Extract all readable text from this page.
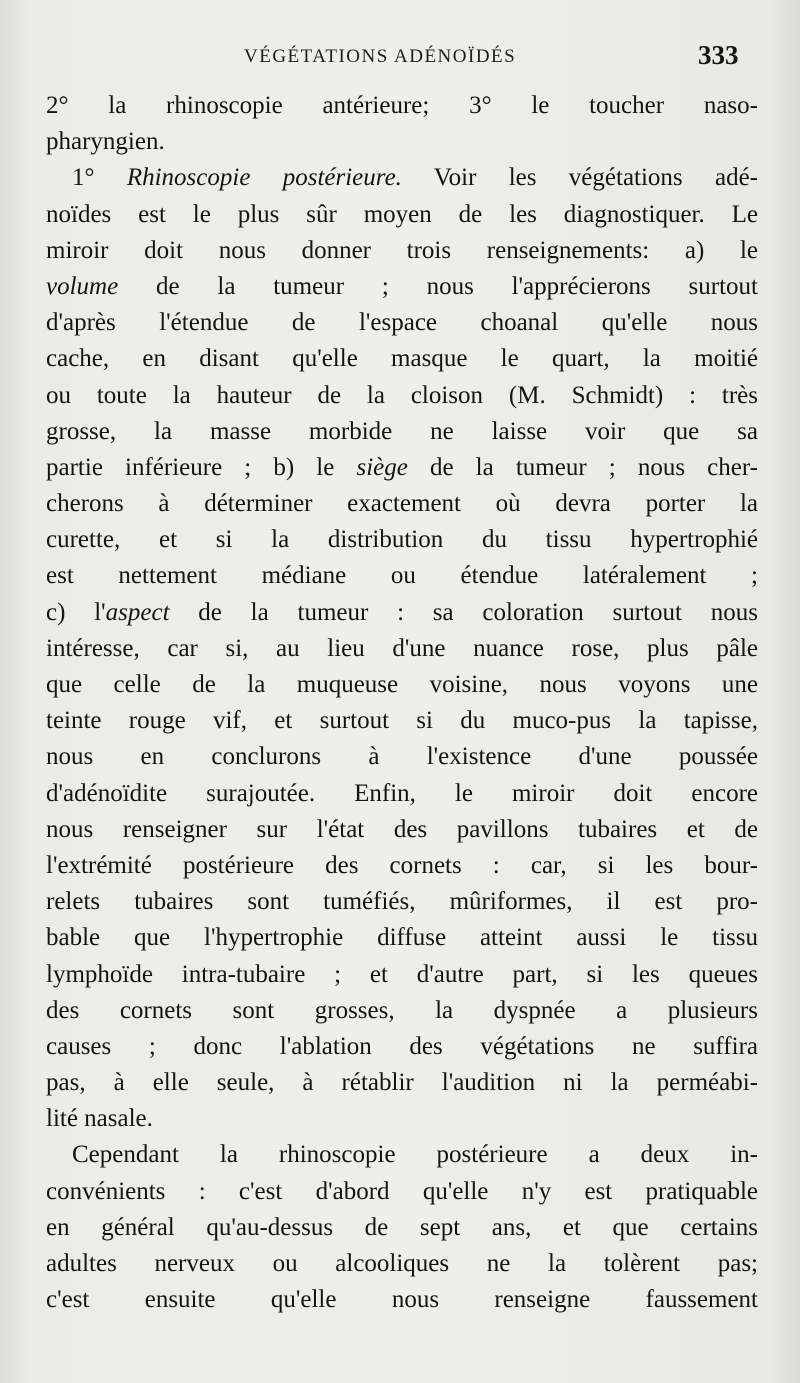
VÉGÉTATIONS ADÉNOÏDÉS	333
2° la rhinoscopie antérieure; 3° le toucher naso-
pharyngien.
1° Rhinoscopie postérieure. Voir les végétations adé-
noïdes est le plus sûr moyen de les diagnostiquer. Le
miroir doit nous donner trois renseignements: a) le
volume de la tumeur ; nous l'apprécierons surtout
d'après l'étendue de l'espace choanal qu'elle nous
cache, en disant qu'elle masque le quart, la moitié
ou toute la hauteur de la cloison (M. Schmidt) : très
grosse, la masse morbide ne laisse voir que sa
partie inférieure ; b) le siège de la tumeur ; nous cher-
cherons à déterminer exactement où devra porter la
curette, et si la distribution du tissu hypertrophié
est nettement médiane ou étendue latéralement ;
c) l'aspect de la tumeur : sa coloration surtout nous
intéresse, car si, au lieu d'une nuance rose, plus pâle
que celle de la muqueuse voisine, nous voyons une
teinte rouge vif, et surtout si du muco-pus la tapisse,
nous en conclurons à l'existence d'une poussée
d'adénoïdite surajoutée. Enfin, le miroir doit encore
nous renseigner sur l'état des pavillons tubaires et de
l'extrémité postérieure des cornets : car, si les bour-
relets tubaires sont tuméfiés, mûriformes, il est pro-
bable que l'hypertrophie diffuse atteint aussi le tissu
lymphoïde intra-tubaire ; et d'autre part, si les queues
des cornets sont grosses, la dyspnée a plusieurs
causes ; donc l'ablation des végétations ne suffira
pas, à elle seule, à rétablir l'audition ni la perméabi-
lité nasale.
Cependant la rhinoscopie postérieure a deux in-
convénients : c'est d'abord qu'elle n'y est pratiquable
en général qu'au-dessus de sept ans, et que certains
adultes nerveux ou alcooliques ne la tolèrent pas;
c'est ensuite qu'elle nous renseigne faussement
